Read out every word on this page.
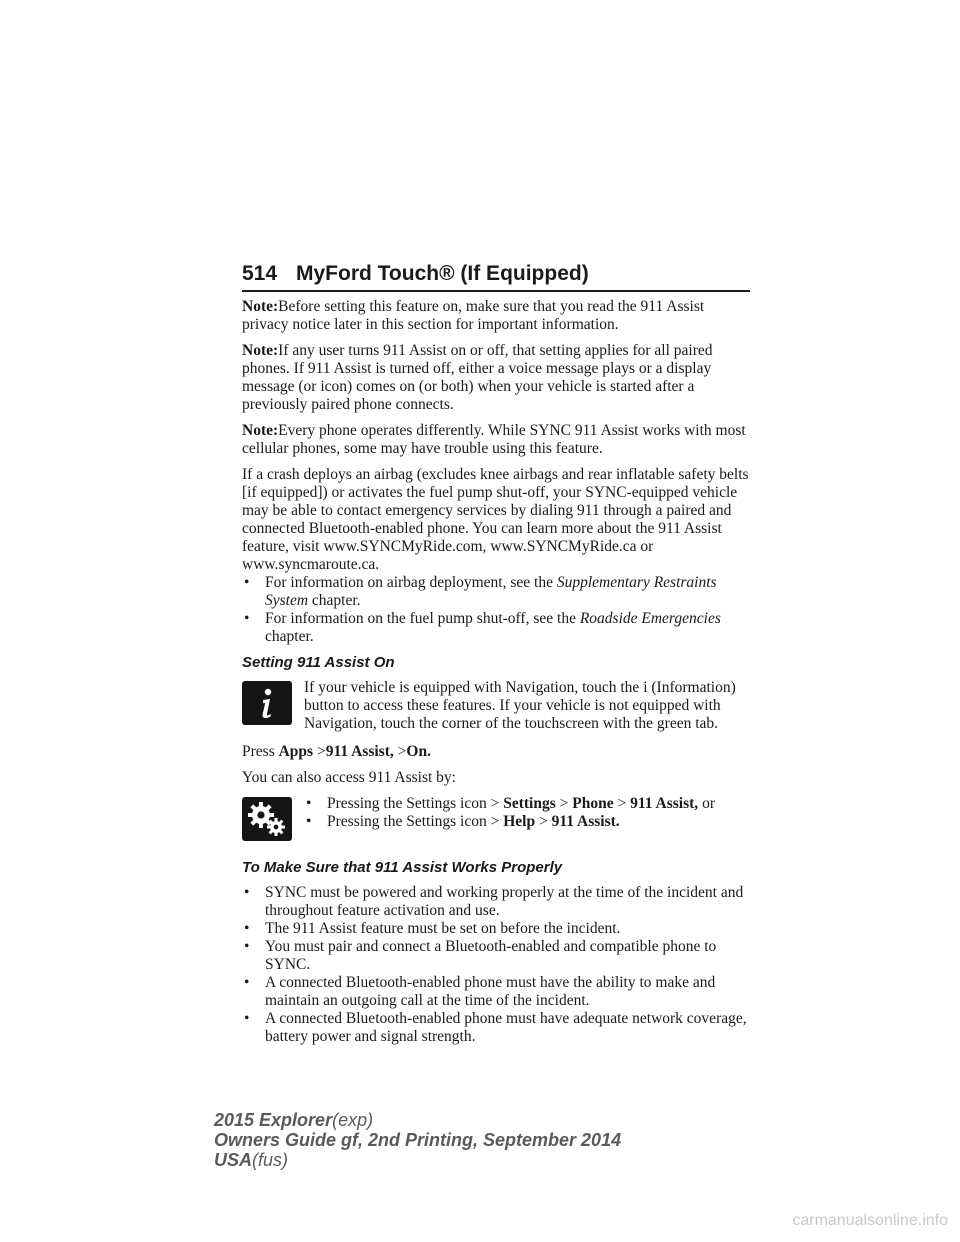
514 MyFord Touch® (If Equipped)

Note:Before setting this feature on, make sure that you read the 911 Assist privacy notice later in this section for important information.

Note:If any user turns 911 Assist on or off, that setting applies for all paired phones. If 911 Assist is turned off, either a voice message plays or a display message (or icon) comes on (or both) when your vehicle is started after a previously paired phone connects.

Note:Every phone operates differently. While SYNC 911 Assist works with most cellular phones, some may have trouble using this feature.

If a crash deploys an airbag (excludes knee airbags and rear inflatable safety belts [if equipped]) or activates the fuel pump shut-off, your SYNC-equipped vehicle may be able to contact emergency services by dialing 911 through a paired and connected Bluetooth-enabled phone. You can learn more about the 911 Assist feature, visit www.SYNCMyRide.com, www.SYNCMyRide.ca or www.syncmaroute.ca.

• For information on airbag deployment, see the Supplementary Restraints System chapter.
• For information on the fuel pump shut-off, see the Roadside Emergencies chapter.
Setting 911 Assist On

If your vehicle is equipped with Navigation, touch the i (Information) button to access these features. If your vehicle is not equipped with Navigation, touch the corner of the touchscreen with the green tab.

Press Apps >911 Assist, >On.

You can also access 911 Assist by:

• Pressing the Settings icon > Settings > Phone > 911 Assist, or
• Pressing the Settings icon > Help > 911 Assist.
To Make Sure that 911 Assist Works Properly
• SYNC must be powered and working properly at the time of the incident and throughout feature activation and use.
• The 911 Assist feature must be set on before the incident.
• You must pair and connect a Bluetooth-enabled and compatible phone to SYNC.
• A connected Bluetooth-enabled phone must have the ability to make and maintain an outgoing call at the time of the incident.
• A connected Bluetooth-enabled phone must have adequate network coverage, battery power and signal strength.
2015 Explorer(exp)
Owners Guide gf, 2nd Printing, September 2014
USA(fus)
carmanualsonline.info
